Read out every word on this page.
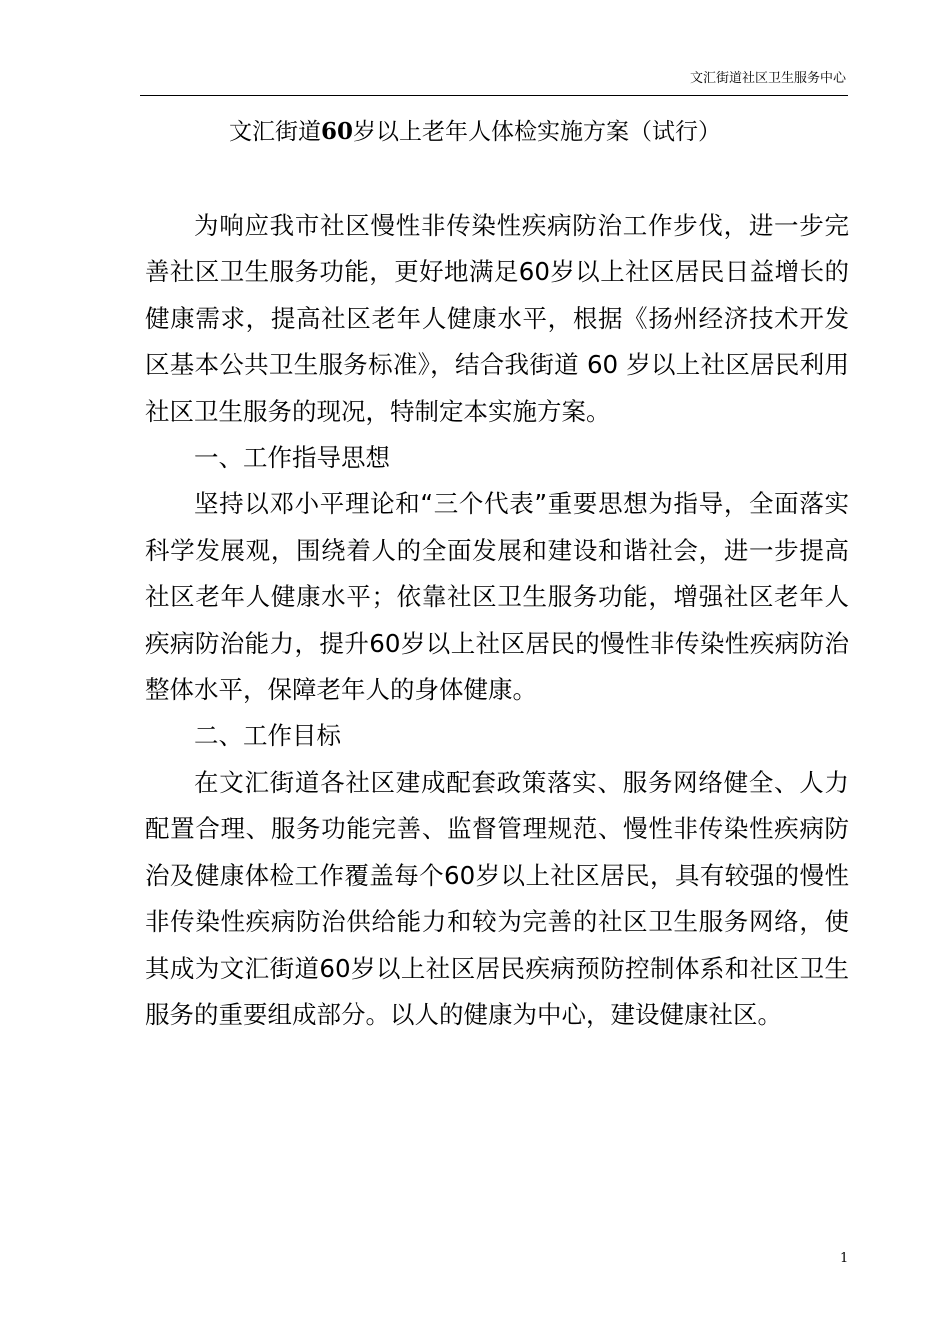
文汇街道社区卫生服务中心
文汇街道60岁以上老年人体检实施方案（试行）

为响应我市社区慢性非传染性疾病防治工作步伐，进一步完善社区卫生服务功能，更好地满足60岁以上社区居民日益增长的健康需求，提高社区老年人健康水平，根据《扬州经济技术开发区基本公共卫生服务标准》，结合我街道 60 岁以上社区居民利用社区卫生服务的现况，特制定本实施方案。

一、工作指导思想

坚持以邓小平理论和“三个代表”重要思想为指导，全面落实科学发展观，围绕着人的全面发展和建设和谐社会，进一步提高社区老年人健康水平；依靠社区卫生服务功能，增强社区老年人疾病防治能力，提升60岁以上社区居民的慢性非传染性疾病防治整体水平，保障老年人的身体健康。

二、工作目标

在文汇街道各社区建成配套政策落实、服务网络健全、人力配置合理、服务功能完善、监督管理规范、慢性非传染性疾病防治及健康体检工作覆盖每个60岁以上社区居民，具有较强的慢性非传染性疾病防治供给能力和较为完善的社区卫生服务网络，使其成为文汇街道60岁以上社区居民疾病预防控制体系和社区卫生服务的重要组成部分。以人的健康为中心，建设健康社区。

1
